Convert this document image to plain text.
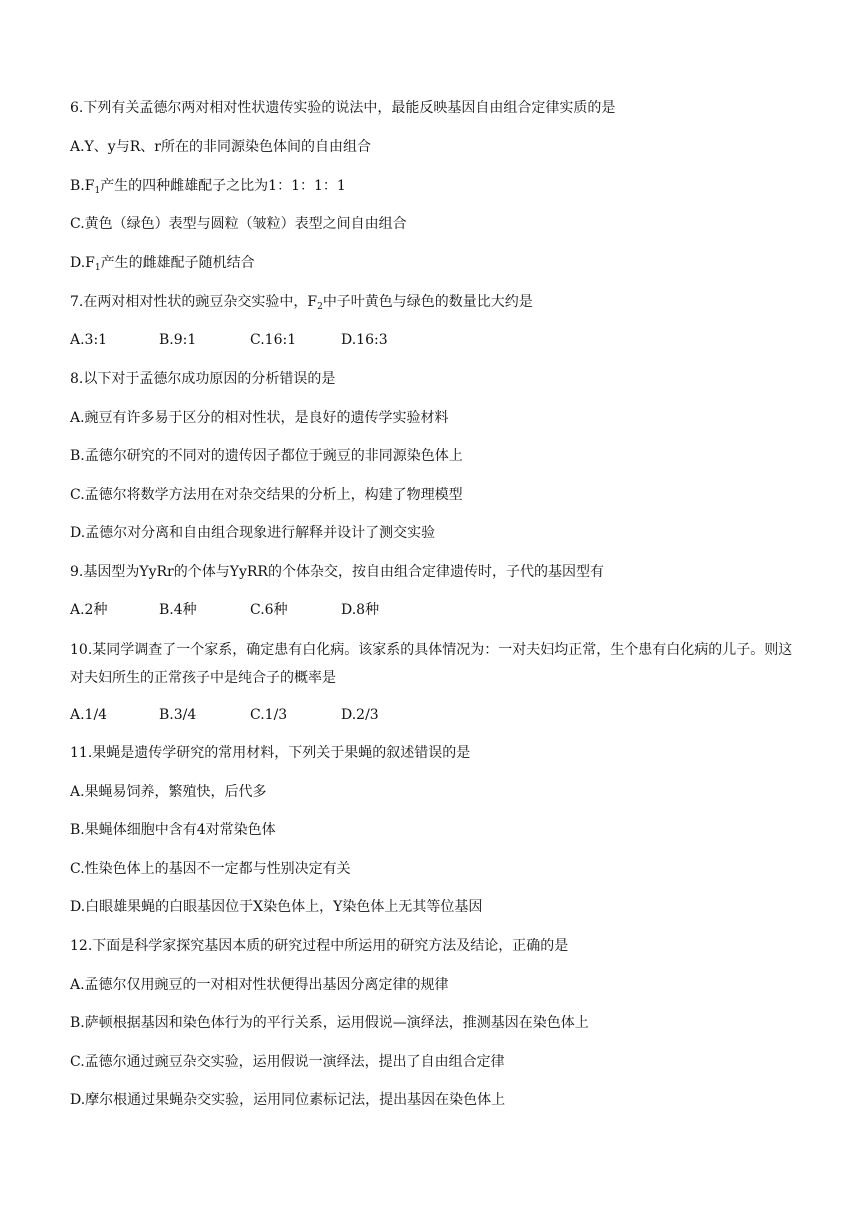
6.下列有关孟德尔两对相对性状遗传实验的说法中，最能反映基因自由组合定律实质的是
A.Y、y与R、r所在的非同源染色体间的自由组合
$B.F_1$产生的四种雌雄配子之比为1：1：1：1
C.黄色（绿色）表型与圆粒（皱粒）表型之间自由组合
$D.F_1$产生的雌雄配子随机结合
7.在两对相对性状的豌豆杂交实验中，$F_2$中子叶黄色与绿色的数量比大约是
A.3:1	B.9:1	C.16:1	D.16:3
8.以下对于孟德尔成功原因的分析错误的是
A.豌豆有许多易于区分的相对性状，是良好的遗传学实验材料
B.孟德尔研究的不同对的遗传因子都位于豌豆的非同源染色体上
C.孟德尔将数学方法用在对杂交结果的分析上，构建了物理模型
D.孟德尔对分离和自由组合现象进行解释并设计了测交实验
9.基因型为YyRr的个体与YyRR的个体杂交，按自由组合定律遗传时，子代的基因型有
A.2种	B.4种	C.6种	D.8种
10.某同学调查了一个家系，确定患有白化病。该家系的具体情况为：一对夫妇均正常，生个患有白化病的儿子。则这对夫妇所生的正常孩子中是纯合子的概率是
A.1/4	B.3/4	C.1/3	D.2/3
11.果蝇是遗传学研究的常用材料，下列关于果蝇的叙述错误的是
A.果蝇易饲养，繁殖快，后代多
B.果蝇体细胞中含有4对常染色体
C.性染色体上的基因不一定都与性别决定有关
D.白眼雄果蝇的白眼基因位于X染色体上，Y染色体上无其等位基因
12.下面是科学家探究基因本质的研究过程中所运用的研究方法及结论，正确的是
A.孟德尔仅用豌豆的一对相对性状便得出基因分离定律的规律
B.萨顿根据基因和染色体行为的平行关系，运用假说—演绎法，推测基因在染色体上
C.孟德尔通过豌豆杂交实验，运用假说一演绎法，提出了自由组合定律
D.摩尔根通过果蝇杂交实验，运用同位素标记法，提出基因在染色体上
